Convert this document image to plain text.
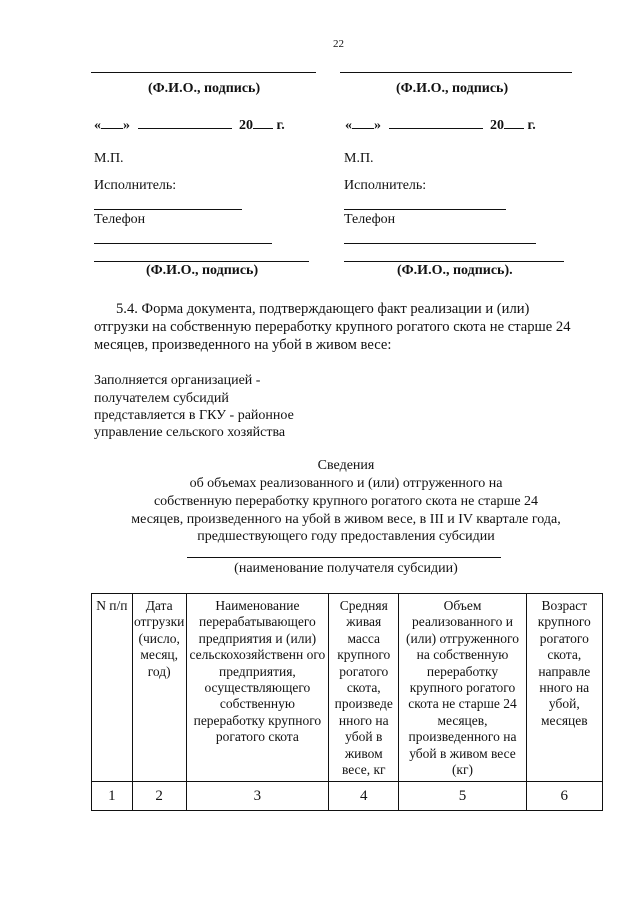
22
(Ф.И.О., подпись)
« »	20 г.
М.П.
Исполнитель:
Телефон
(Ф.И.О., подпись)
(Ф.И.О., подпись)
« »	20 г.
М.П.
Исполнитель:
Телефон
(Ф.И.О., подпись).
5.4. Форма документа, подтверждающего факт реализации и (или)
отгрузки на собственную переработку крупного рогатого скота не старше 24
месяцев, произведенного на убой в живом весе:
Заполняется организацией -
получателем субсидий
представляется в ГКУ - районное
управление сельского хозяйства
Сведения
об объемах реализованного и (или) отгруженного на
собственную переработку крупного рогатого скота не старше 24
месяцев, произведенного на убой в живом весе, в III и IV квартале года,
предшествующего году предоставления субсидии
(наименование получателя субсидии)
N п/п	Дата отгрузки (число, месяц, год)	Наименование перерабатывающего предприятия и (или) сельскохозяйственн ого предприятия, осуществляющего собственную переработку крупного рогатого скота	Средняя живая масса крупного рогатого скота, произведе нного на убой в живом весе, кг	Объем реализованного и (или) отгруженного на собственную переработку крупного рогатого скота не старше 24 месяцев, произведенного на убой в живом весе (кг)	Возраст крупного рогатого скота, направле нного на убой, месяцев
1	2	3	4	5	6
